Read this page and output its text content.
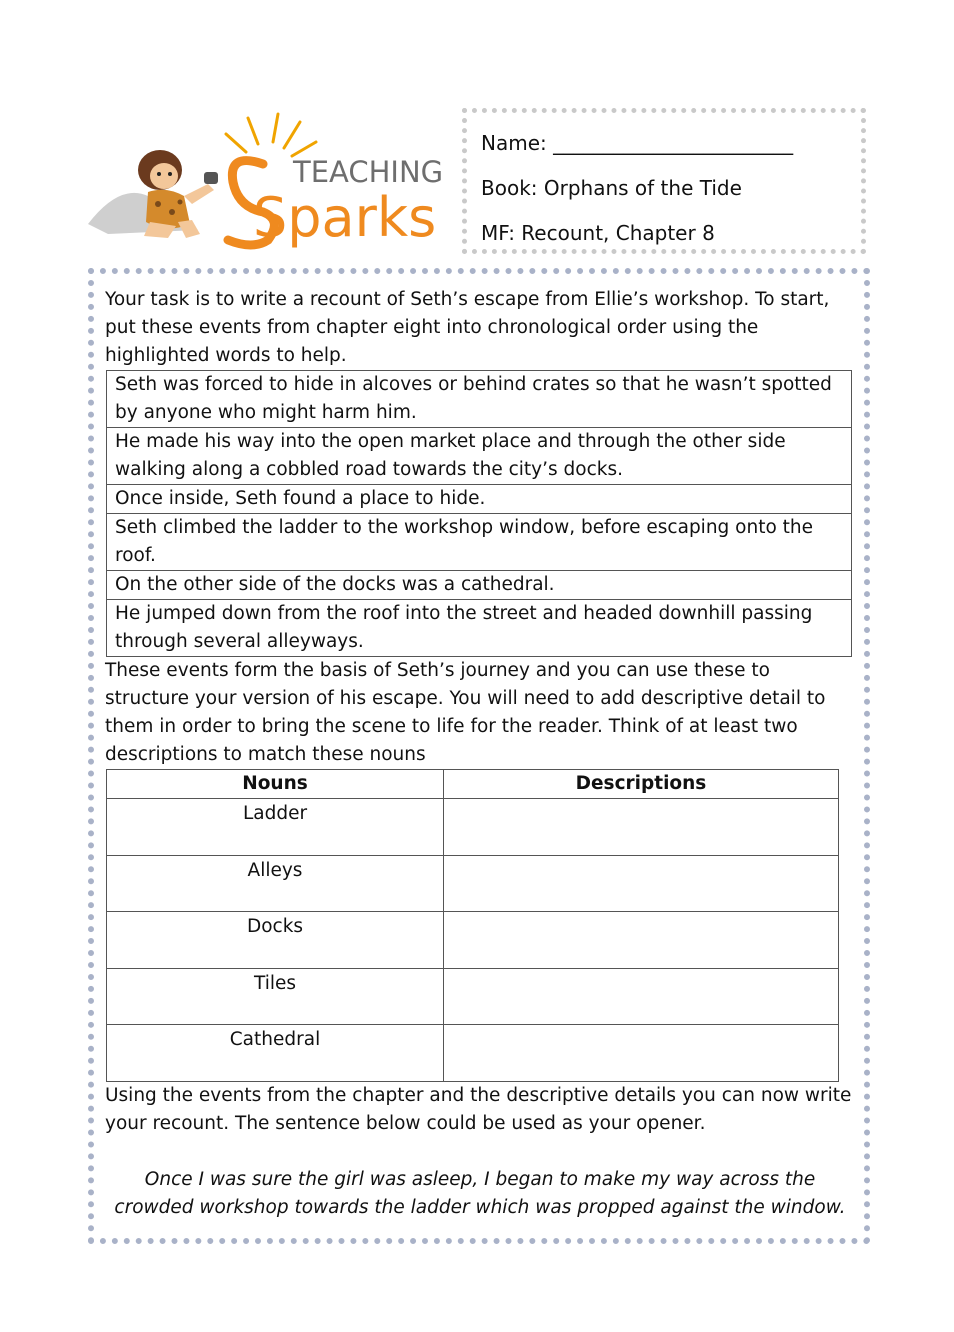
TEACHING
Sparks
Name: ________________________
Book: Orphans of the Tide
MF: Recount, Chapter 8

Your task is to write a recount of Seth’s escape from Ellie’s workshop. To start, put these events from chapter eight into chronological order using the highlighted words to help.

Seth was forced to hide in alcoves or behind crates so that he wasn’t spotted by anyone who might harm him.
He made his way into the open market place and through the other side walking along a cobbled road towards the city’s docks.
Once inside, Seth found a place to hide.
Seth climbed the ladder to the workshop window, before escaping onto the roof.
On the other side of the docks was a cathedral.
He jumped down from the roof into the street and headed downhill passing through several alleyways.

These events form the basis of Seth’s journey and you can use these to structure your version of his escape. You will need to add descriptive detail to them in order to bring the scene to life for the reader. Think of at least two descriptions to match these nouns

Nouns	Descriptions
Ladder	
Alleys	
Docks	
Tiles	
Cathedral	

Using the events from the chapter and the descriptive details you can now write your recount. The sentence below could be used as your opener.

Once I was sure the girl was asleep, I began to make my way across the crowded workshop towards the ladder which was propped against the window.
